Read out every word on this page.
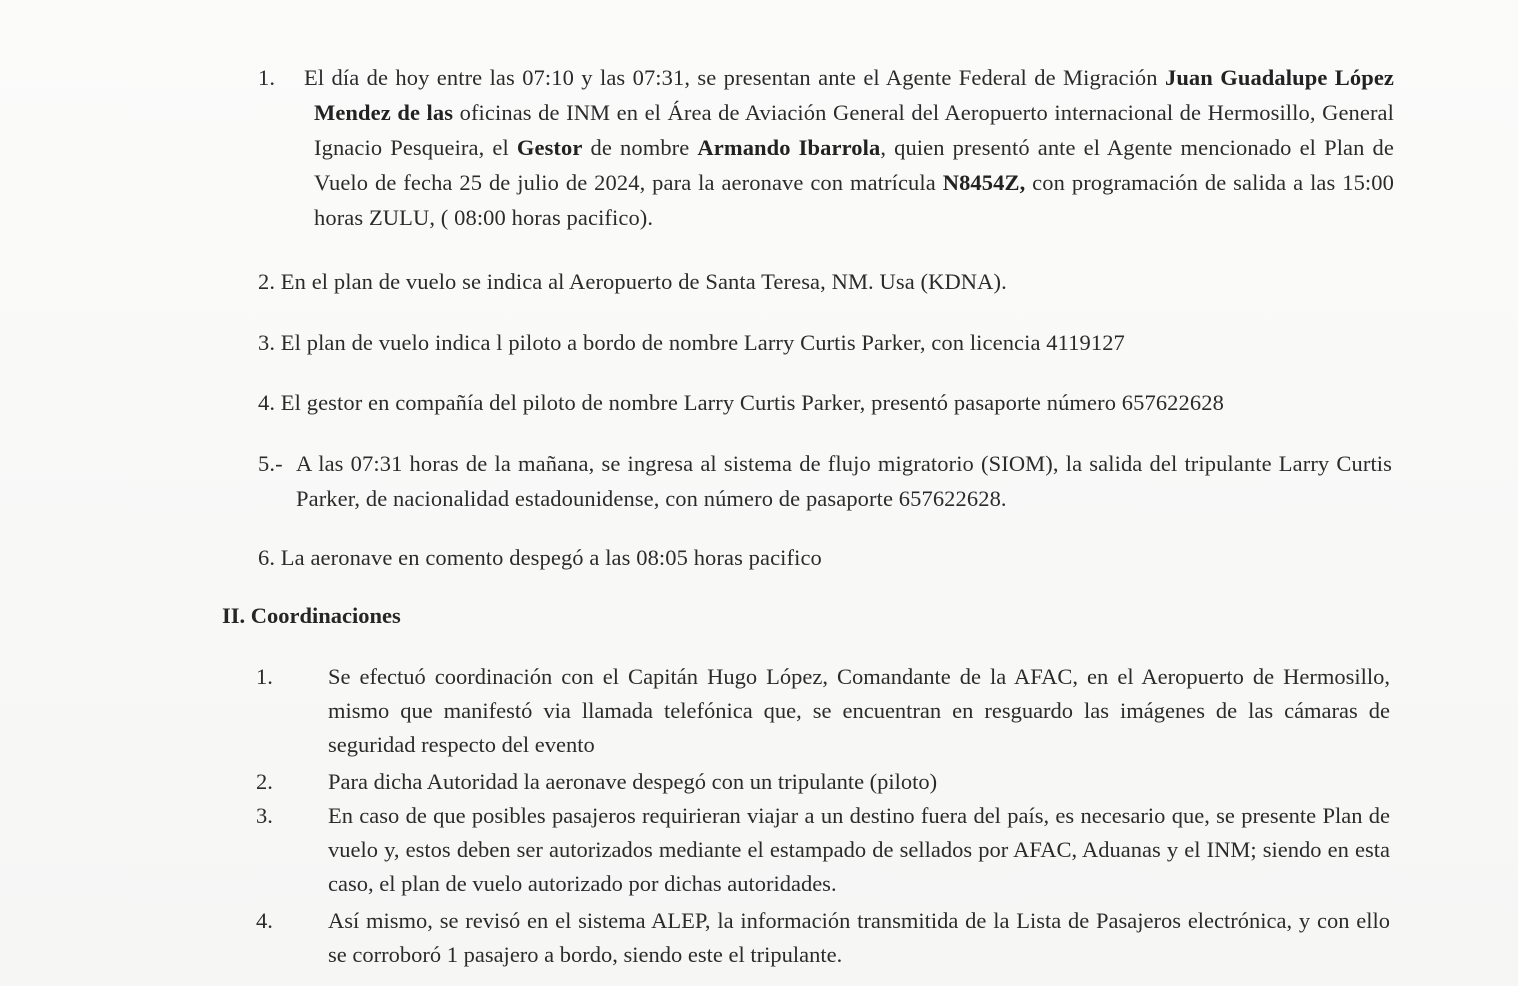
1. El día de hoy entre las 07:10 y las 07:31, se presentan ante el Agente Federal de Migración Juan Guadalupe López Mendez de las oficinas de INM en el Área de Aviación General del Aeropuerto internacional de Hermosillo, General Ignacio Pesqueira, el Gestor de nombre Armando Ibarrola, quien presentó ante el Agente mencionado el Plan de Vuelo de fecha 25 de julio de 2024, para la aeronave con matrícula N8454Z, con programación de salida a las 15:00 horas ZULU, ( 08:00 horas pacifico).
2. En el plan de vuelo se indica al Aeropuerto de Santa Teresa, NM. Usa (KDNA).
3. El plan de vuelo indica l piloto a bordo de nombre Larry Curtis Parker, con licencia 4119127
4. El gestor en compañía del piloto de nombre Larry Curtis Parker, presentó pasaporte número 657622628
5.- A las 07:31 horas de la mañana, se ingresa al sistema de flujo migratorio (SIOM), la salida del tripulante Larry Curtis Parker, de nacionalidad estadounidense, con número de pasaporte 657622628.
6. La aeronave en comento despegó a las 08:05 horas pacifico
II. Coordinaciones
1. Se efectuó coordinación con el Capitán Hugo López, Comandante de la AFAC, en el Aeropuerto de Hermosillo, mismo que manifestó via llamada telefónica que, se encuentran en resguardo las imágenes de las cámaras de seguridad respecto del evento
2. Para dicha Autoridad la aeronave despegó con un tripulante (piloto)
3. En caso de que posibles pasajeros requirieran viajar a un destino fuera del país, es necesario que, se presente Plan de vuelo y, estos deben ser autorizados mediante el estampado de sellados por AFAC, Aduanas y el INM; siendo en esta caso, el plan de vuelo autorizado por dichas autoridades.
4. Así mismo, se revisó en el sistema ALEP, la información transmitida de la Lista de Pasajeros electrónica, y con ello se corroboró 1 pasajero a bordo, siendo este el tripulante.
